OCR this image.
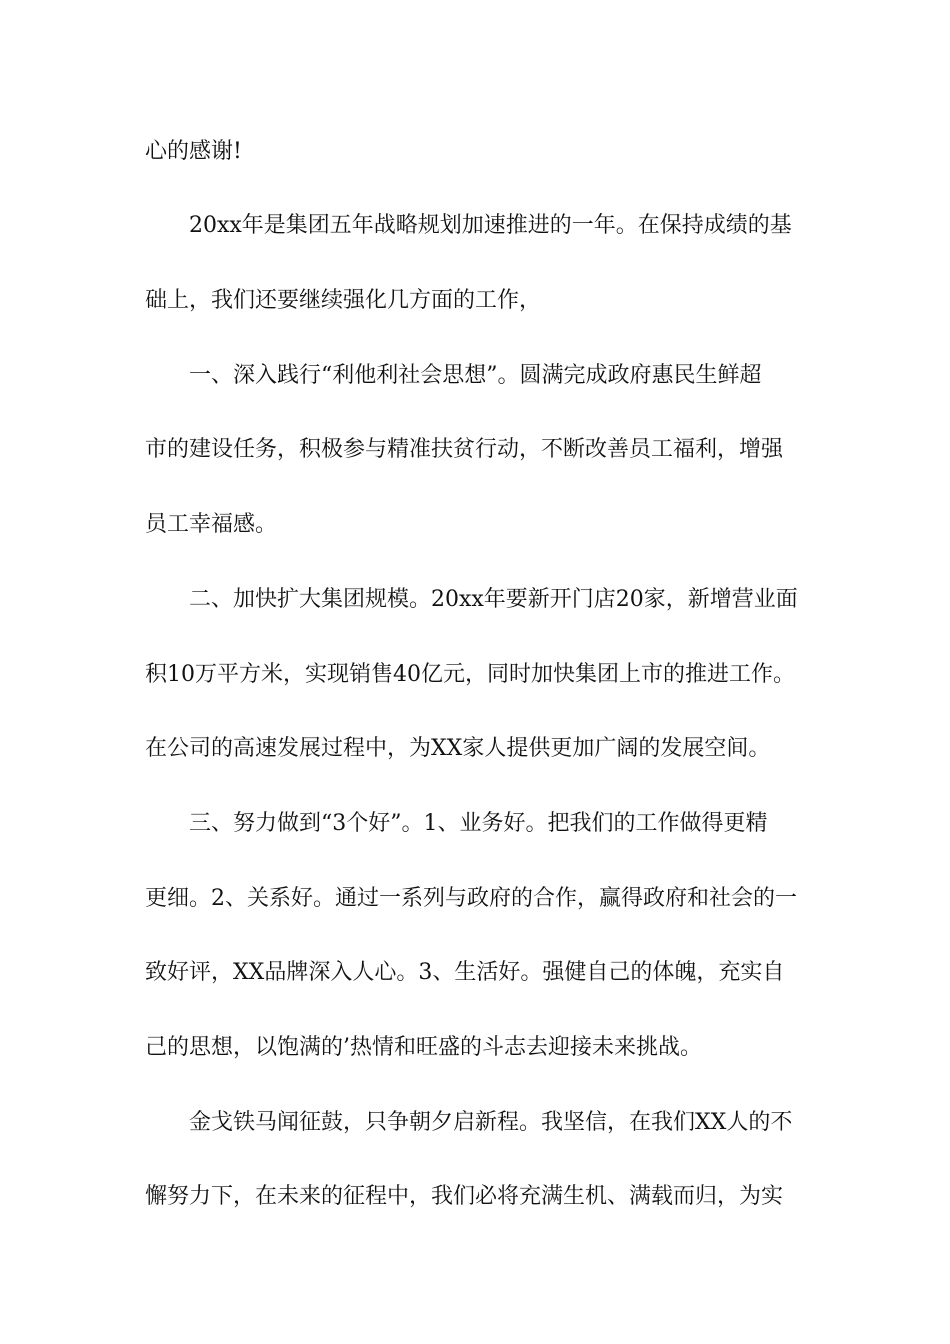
心的感谢!
20xx年是集团五年战略规划加速推进的一年。在保持成绩的基
础上，我们还要继续强化几方面的工作，
一、深入践行“利他利社会思想”。圆满完成政府惠民生鲜超
市的建设任务，积极参与精准扶贫行动，不断改善员工福利，增强
员工幸福感。
二、加快扩大集团规模。20xx年要新开门店20家，新增营业面
积10万平方米，实现销售40亿元，同时加快集团上市的推进工作。
在公司的高速发展过程中，为XX家人提供更加广阔的发展空间。
三、努力做到“3个好”。1、业务好。把我们的工作做得更精
更细。2、关系好。通过一系列与政府的合作，赢得政府和社会的一
致好评，XX品牌深入人心。3、生活好。强健自己的体魄，充实自
己的思想，以饱满的’热情和旺盛的斗志去迎接未来挑战。
金戈铁马闻征鼓，只争朝夕启新程。我坚信，在我们XX人的不
懈努力下，在未来的征程中，我们必将充满生机、满载而归，为实
